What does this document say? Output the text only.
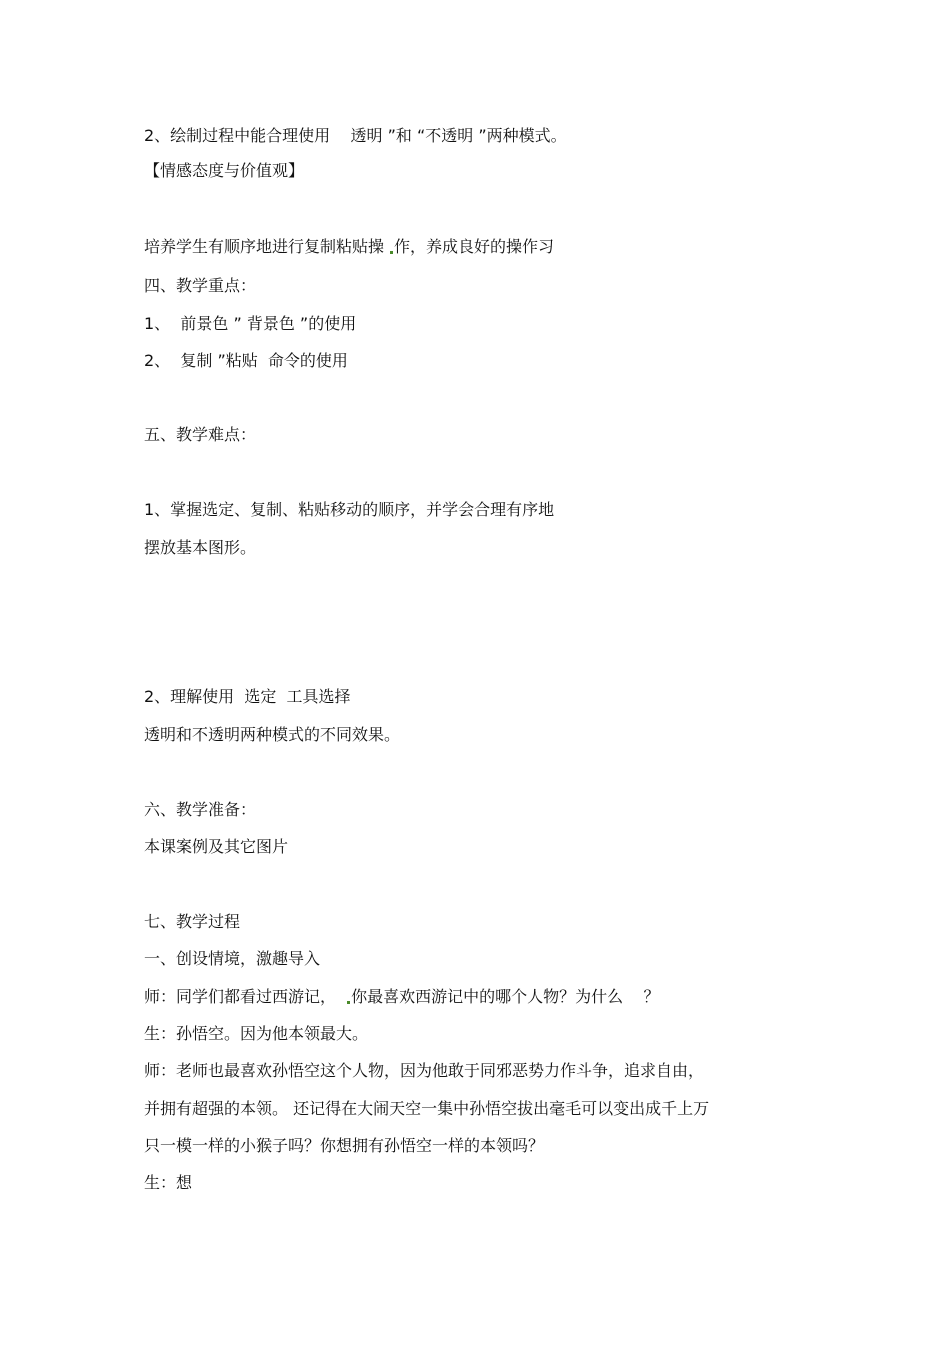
2、绘制过程中能合理使用    透明 ”和 “不透明 ”两种模式。
【情感态度与价值观】
培养学生有顺序地进行复制粘贴操 作，养成良好的操作习
四、教学重点：
1、  前景色 ” 背景色 ”的使用
2、  复制 ”粘贴  命令的使用
五、教学难点：
1、掌握选定、复制、粘贴移动的顺序，并学会合理有序地
摆放基本图形。
2、理解使用  选定  工具选择
透明和不透明两种模式的不同效果。
六、教学准备：
本课案例及其它图片
七、教学过程
一、创设情境，激趣导入
师：同学们都看过西游记， 你最喜欢西游记中的哪个人物？为什么    ？
生：孙悟空。因为他本领最大。
师：老师也最喜欢孙悟空这个人物，因为他敢于同邪恶势力作斗争，追求自由，
并拥有超强的本领。 还记得在大闹天空一集中孙悟空拔出毫毛可以变出成千上万
只一模一样的小猴子吗？你想拥有孙悟空一样的本领吗？
生：想
